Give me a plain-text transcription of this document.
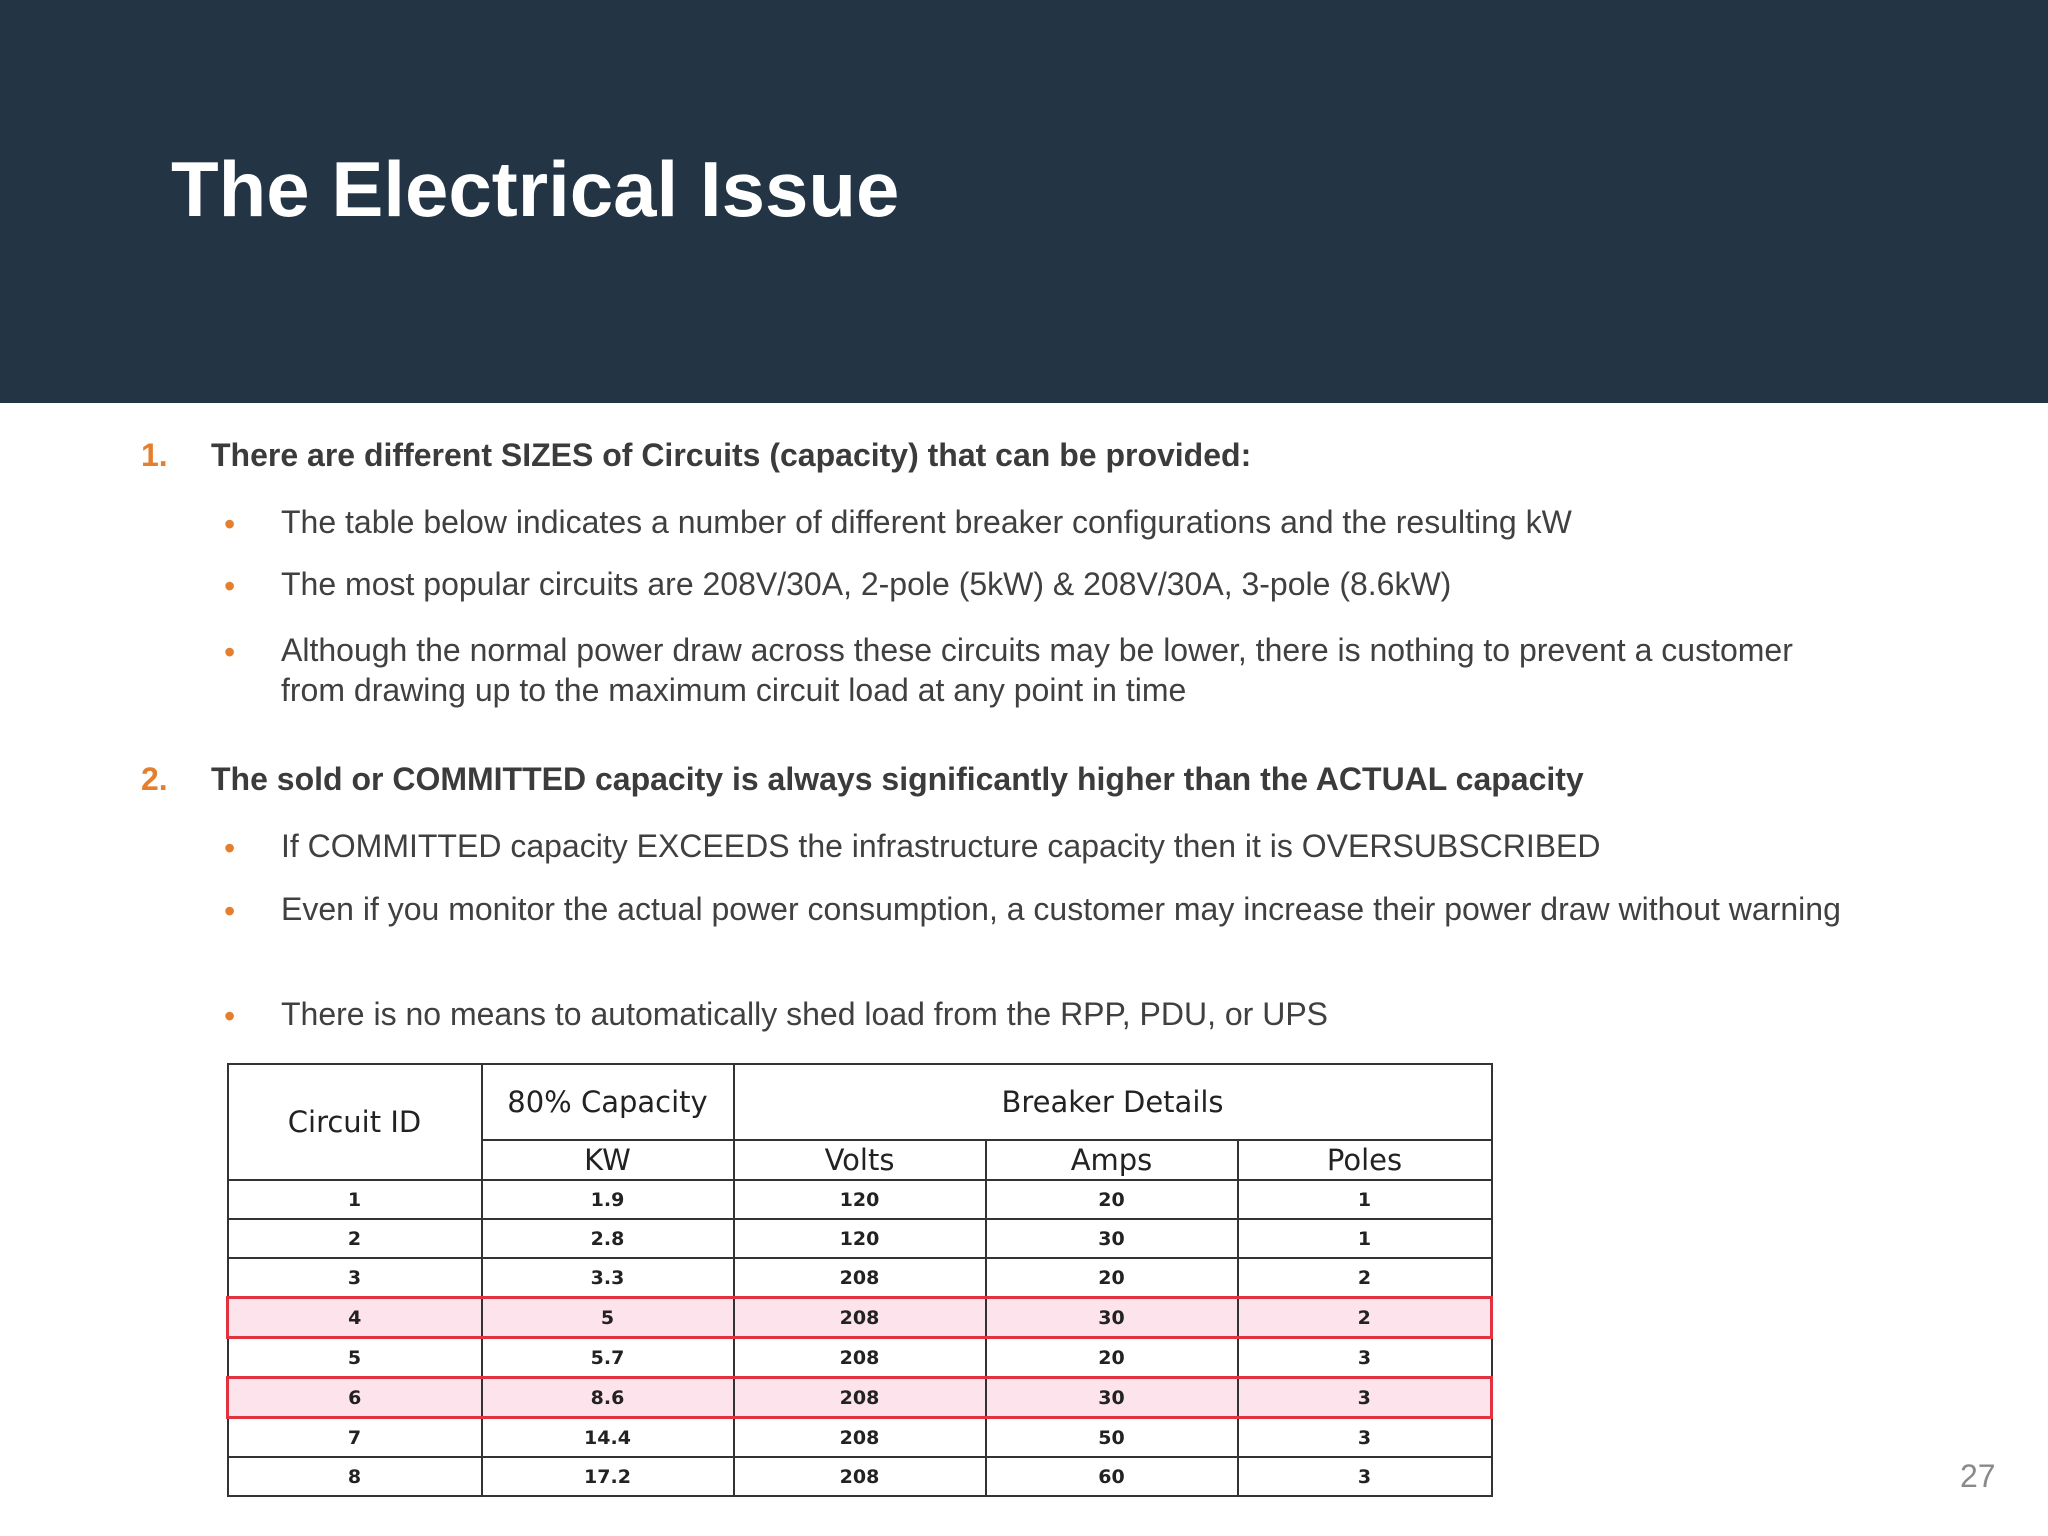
The Electrical Issue
1. There are different SIZES of Circuits (capacity) that can be provided:
• The table below indicates a number of different breaker configurations and the resulting kW
• The most popular circuits are 208V/30A, 2-pole (5kW) & 208V/30A, 3-pole (8.6kW)
• Although the normal power draw across these circuits may be lower, there is nothing to prevent a customer from drawing up to the maximum circuit load at any point in time
2. The sold or COMMITTED capacity is always significantly higher than the ACTUAL capacity
• If COMMITTED capacity EXCEEDS the infrastructure capacity then it is OVERSUBSCRIBED
• Even if you monitor the actual power consumption, a customer may increase their power draw without warning
• There is no means to automatically shed load from the RPP, PDU, or UPS
Circuit ID	80% Capacity	Breaker Details		
	KW	Volts	Amps	Poles
1	1.9	120	20	1
2	2.8	120	30	1
3	3.3	208	20	2
4	5	208	30	2
5	5.7	208	20	3
6	8.6	208	30	3
7	14.4	208	50	3
8	17.2	208	60	3	27
